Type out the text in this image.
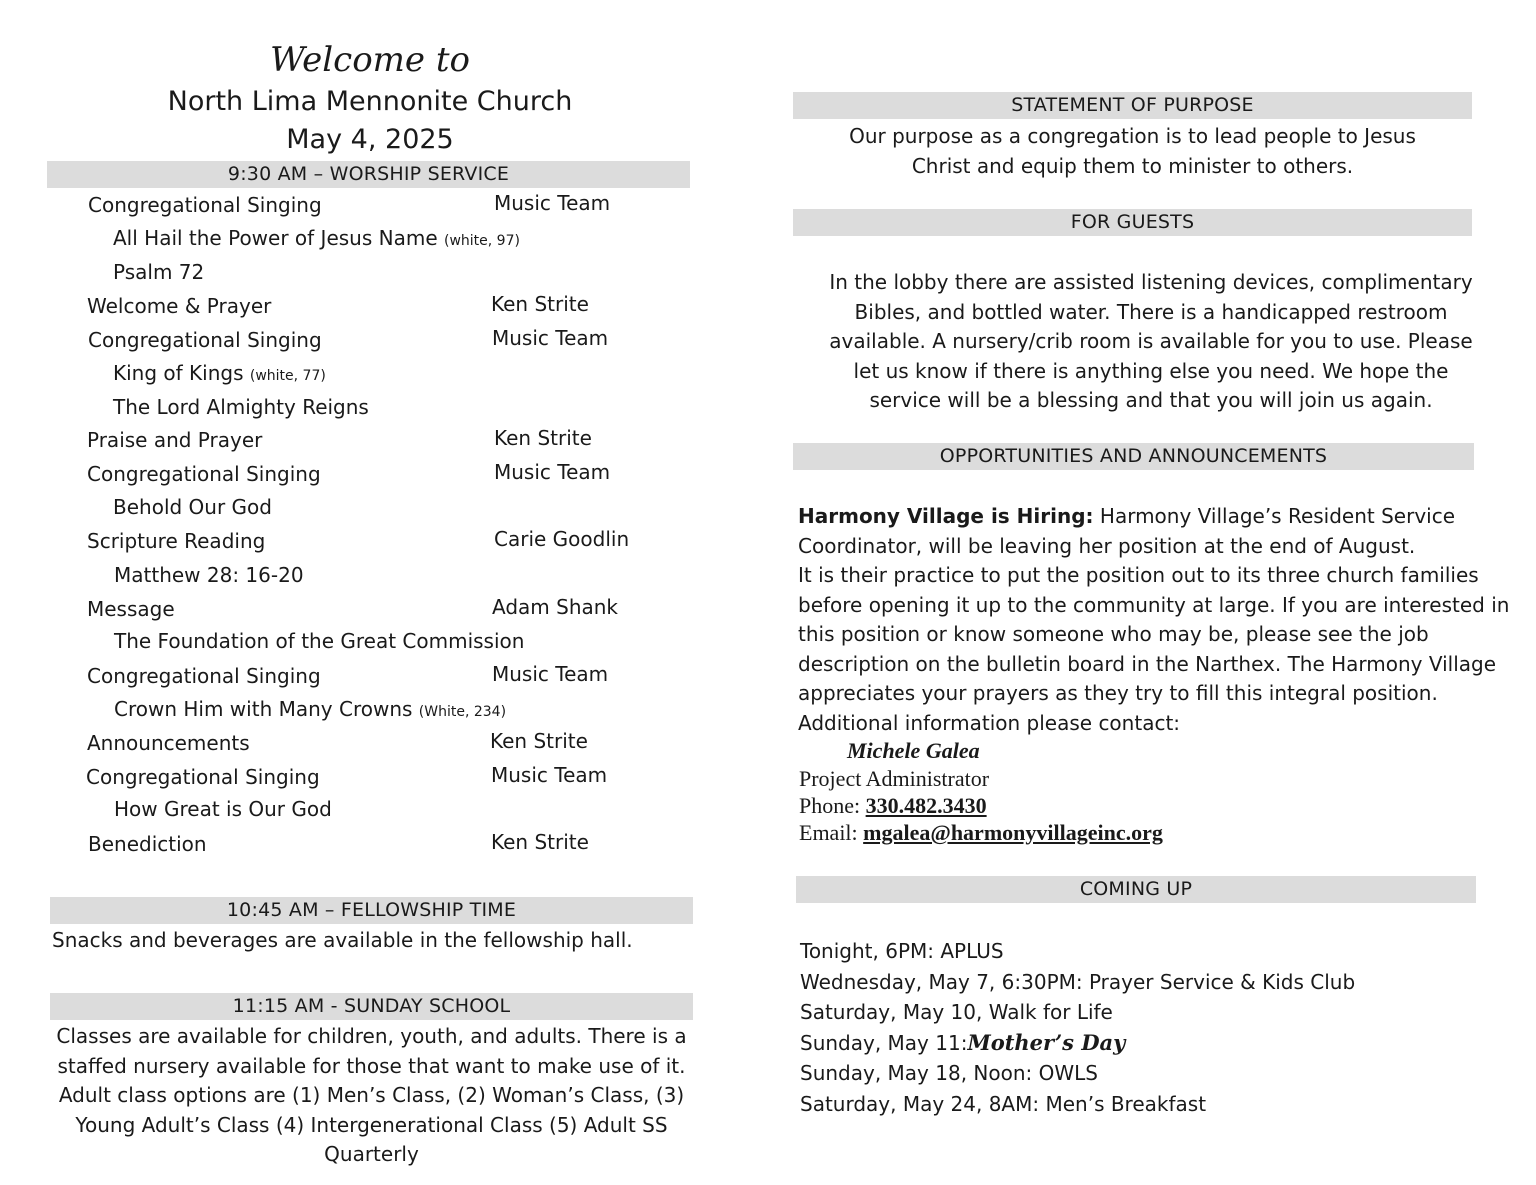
Welcome to
North Lima Mennonite Church
May 4, 2025
9:30 AM – WORSHIP SERVICE
Congregational Singing	Music Team
All Hail the Power of Jesus Name (white, 97)
Psalm 72
Welcome & Prayer	Ken Strite
Congregational Singing	Music Team
King of Kings (white, 77)
The Lord Almighty Reigns
Praise and Prayer	Ken Strite
Congregational Singing	Music Team
Behold Our God
Scripture Reading	Carie Goodlin
Matthew 28: 16-20
Message	Adam Shank
The Foundation of the Great Commission
Congregational Singing	Music Team
Crown Him with Many Crowns (White, 234)
Announcements	Ken Strite
Congregational Singing	Music Team
How Great is Our God
Benediction	Ken Strite
10:45 AM – FELLOWSHIP TIME
Snacks and beverages are available in the fellowship hall.
11:15 AM - SUNDAY SCHOOL
Classes are available for children, youth, and adults. There is a
staffed nursery available for those that want to make use of it.
Adult class options are (1) Men’s Class, (2) Woman’s Class, (3)
Young Adult’s Class (4) Intergenerational Class (5) Adult SS
Quarterly
STATEMENT OF PURPOSE
Our purpose as a congregation is to lead people to Jesus
Christ and equip them to minister to others.
FOR GUESTS
In the lobby there are assisted listening devices, complimentary
Bibles, and bottled water. There is a handicapped restroom
available. A nursery/crib room is available for you to use. Please
let us know if there is anything else you need. We hope the
service will be a blessing and that you will join us again.
OPPORTUNITIES AND ANNOUNCEMENTS
Harmony Village is Hiring: Harmony Village’s Resident Service
Coordinator, will be leaving her position at the end of August.
It is their practice to put the position out to its three church families
before opening it up to the community at large. If you are interested in
this position or know someone who may be, please see the job
description on the bulletin board in the Narthex. The Harmony Village
appreciates your prayers as they try to fill this integral position.
Additional information please contact:
Michele Galea
Project Administrator
Phone: 330.482.3430
Email: mgalea@harmonyvillageinc.org
COMING UP
Tonight, 6PM: APLUS
Wednesday, May 7, 6:30PM: Prayer Service & Kids Club
Saturday, May 10, Walk for Life
Sunday, May 11:Mother’s Day
Sunday, May 18, Noon: OWLS
Saturday, May 24, 8AM: Men’s Breakfast
